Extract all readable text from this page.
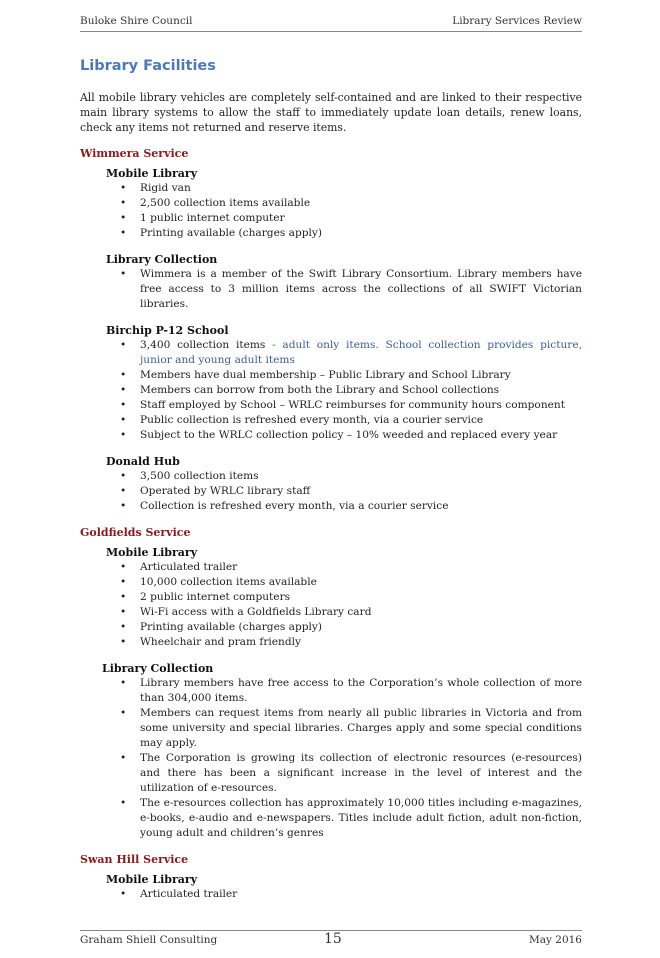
Buloke Shire Council	Library Services Review
Library Facilities

All mobile library vehicles are completely self-contained and are linked to their respective main library systems to allow the staff to immediately update loan details, renew loans, check any items not returned and reserve items.

Wimmera Service
Mobile Library
• Rigid van
• 2,500 collection items available
• 1 public internet computer
• Printing available (charges apply)
Library Collection
• Wimmera is a member of the Swift Library Consortium. Library members have free access to 3 million items across the collections of all SWIFT Victorian libraries.
Birchip P-12 School
• 3,400 collection items - adult only items. School collection provides picture, junior and young adult items
• Members have dual membership – Public Library and School Library
• Members can borrow from both the Library and School collections
• Staff employed by School – WRLC reimburses for community hours component
• Public collection is refreshed every month, via a courier service
• Subject to the WRLC collection policy – 10% weeded and replaced every year
Donald Hub
• 3,500 collection items
• Operated by WRLC library staff
• Collection is refreshed every month, via a courier service
Goldfields Service
Mobile Library
• Articulated trailer
• 10,000 collection items available
• 2 public internet computers
• Wi-Fi access with a Goldfields Library card
• Printing available (charges apply)
• Wheelchair and pram friendly
Library Collection
• Library members have free access to the Corporation’s whole collection of more than 304,000 items.
• Members can request items from nearly all public libraries in Victoria and from some university and special libraries. Charges apply and some special conditions may apply.
• The Corporation is growing its collection of electronic resources (e-resources) and there has been a significant increase in the level of interest and the utilization of e-resources.
• The e-resources collection has approximately 10,000 titles including e-magazines, e-books, e-audio and e-newspapers. Titles include adult fiction, adult non-fiction, young adult and children’s genres
Swan Hill Service
Mobile Library
• Articulated trailer
Graham Shiell Consulting	15	May 2016
